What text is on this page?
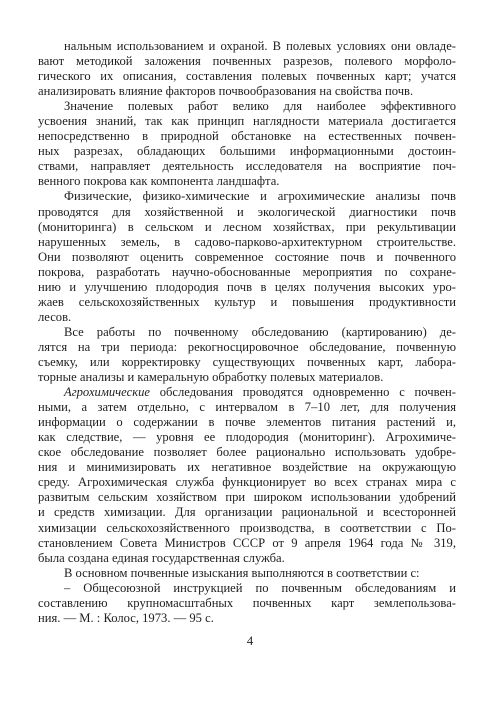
нальным использованием и охраной. В полевых условиях они овладе-
вают методикой заложения почвенных разрезов, полевого морфоло-
гического их описания, составления полевых почвенных карт; учатся
анализировать влияние факторов почвообразования на свойства почв.
Значение полевых работ велико для наиболее эффективного
усвоения знаний, так как принцип наглядности материала достигается
непосредственно в природной обстановке на естественных почвен-
ных разрезах, обладающих большими информационными достоин-
ствами, направляет деятельность исследователя на восприятие поч-
венного покрова как компонента ландшафта.
Физические, физико-химические и агрохимические анализы почв
проводятся для хозяйственной и экологической диагностики почв
(мониторинга) в сельском и лесном хозяйствах, при рекультивации
нарушенных земель, в садово-парково-архитектурном строительстве.
Они позволяют оценить современное состояние почв и почвенного
покрова, разработать научно-обоснованные мероприятия по сохране-
нию и улучшению плодородия почв в целях получения высоких уро-
жаев сельскохозяйственных культур и повышения продуктивности
лесов.
Все работы по почвенному обследованию (картированию) де-
лятся на три периода: рекогносцировочное обследование, почвенную
съемку, или корректировку существующих почвенных карт, лабора-
торные анализы и камеральную обработку полевых материалов.
Агрохимические обследования проводятся одновременно с почвен-
ными, а затем отдельно, с интервалом в 7–10 лет, для получения
информации о содержании в почве элементов питания растений и,
как следствие, — уровня ее плодородия (мониторинг). Агрохимиче-
ское обследование позволяет более рационально использовать удобре-
ния и минимизировать их негативное воздействие на окружающую
среду. Агрохимическая служба функционирует во всех странах мира с
развитым сельским хозяйством при широком использовании удобрений
и средств химизации. Для организации рациональной и всесторонней
химизации сельскохозяйственного производства, в соответствии с По-
становлением Совета Министров СССР от 9 апреля 1964 года № 319,
была создана единая государственная служба.
В основном почвенные изыскания выполняются в соответствии с:
– Общесоюзной инструкцией по почвенным обследованиям и
составлению крупномасштабных почвенных карт землепользова-
ния. — М. : Колос, 1973. — 95 с.
4
